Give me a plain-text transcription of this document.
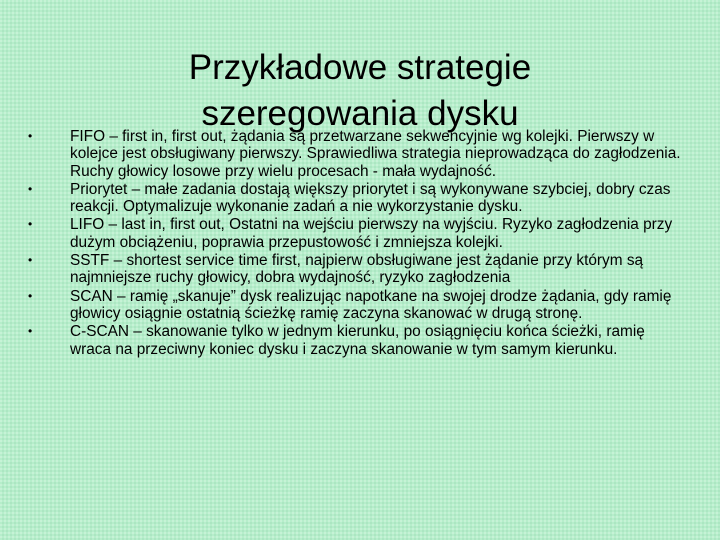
Przykładowe strategie
szeregowania dysku
•	FIFO – first in, first out, żądania są przetwarzane sekwencyjnie wg kolejki. Pierwszy w kolejce jest obsługiwany pierwszy. Sprawiedliwa strategia nieprowadząca do zagłodzenia. Ruchy głowicy losowe przy wielu procesach - mała wydajność.
•	Priorytet – małe zadania dostają większy priorytet i są wykonywane szybciej, dobry czas reakcji. Optymalizuje wykonanie zadań a nie wykorzystanie dysku.
•	LIFO – last in, first out, Ostatni na wejściu pierwszy na wyjściu. Ryzyko zagłodzenia przy dużym obciążeniu, poprawia przepustowość i zmniejsza kolejki.
•	SSTF – shortest service time first, najpierw obsługiwane jest żądanie przy którym są najmniejsze ruchy głowicy, dobra wydajność, ryzyko zagłodzenia
•	SCAN – ramię „skanuje” dysk realizując napotkane na swojej drodze żądania, gdy ramię głowicy osiągnie ostatnią ścieżkę ramię zaczyna skanować w drugą stronę.
•	C-SCAN – skanowanie tylko w jednym kierunku, po osiągnięciu końca ścieżki, ramię wraca na przeciwny koniec dysku i zaczyna skanowanie w tym samym kierunku.
